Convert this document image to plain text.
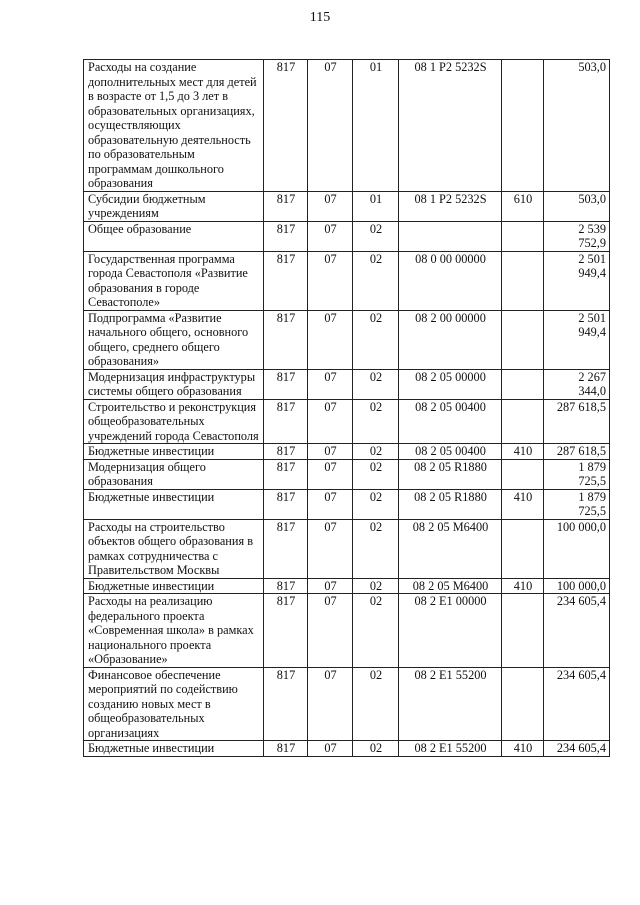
115
Расходы на создание дополнительных мест для детей в возрасте от 1,5 до 3 лет в образовательных организациях, осуществляющих образовательную деятельность по образовательным программам дошкольного образования	817	07	01	08 1 P2 5232S		503,0
Субсидии бюджетным учреждениям	817	07	01	08 1 P2 5232S	610	503,0
Общее образование	817	07	02			2 539 752,9
Государственная программа города Севастополя «Развитие образования в городе Севастополе»	817	07	02	08 0 00 00000		2 501 949,4
Подпрограмма «Развитие начального общего, основного общего, среднего общего образования»	817	07	02	08 2 00 00000		2 501 949,4
Модернизация инфраструктуры системы общего образования	817	07	02	08 2 05 00000		2 267 344,0
Строительство и реконструкция общеобразовательных учреждений города Севастополя	817	07	02	08 2 05 00400		287 618,5
Бюджетные инвестиции	817	07	02	08 2 05 00400	410	287 618,5
Модернизация общего образования	817	07	02	08 2 05 R1880		1 879 725,5
Бюджетные инвестиции	817	07	02	08 2 05 R1880	410	1 879 725,5
Расходы на строительство объектов общего образования в рамках сотрудничества с Правительством Москвы	817	07	02	08 2 05 M6400		100 000,0
Бюджетные инвестиции	817	07	02	08 2 05 M6400	410	100 000,0
Расходы на реализацию федерального проекта «Современная школа» в рамках национального проекта «Образование»	817	07	02	08 2 E1 00000		234 605,4
Финансовое обеспечение мероприятий по содействию созданию новых мест в общеобразовательных организациях	817	07	02	08 2 E1 55200		234 605,4
Бюджетные инвестиции	817	07	02	08 2 E1 55200	410	234 605,4
